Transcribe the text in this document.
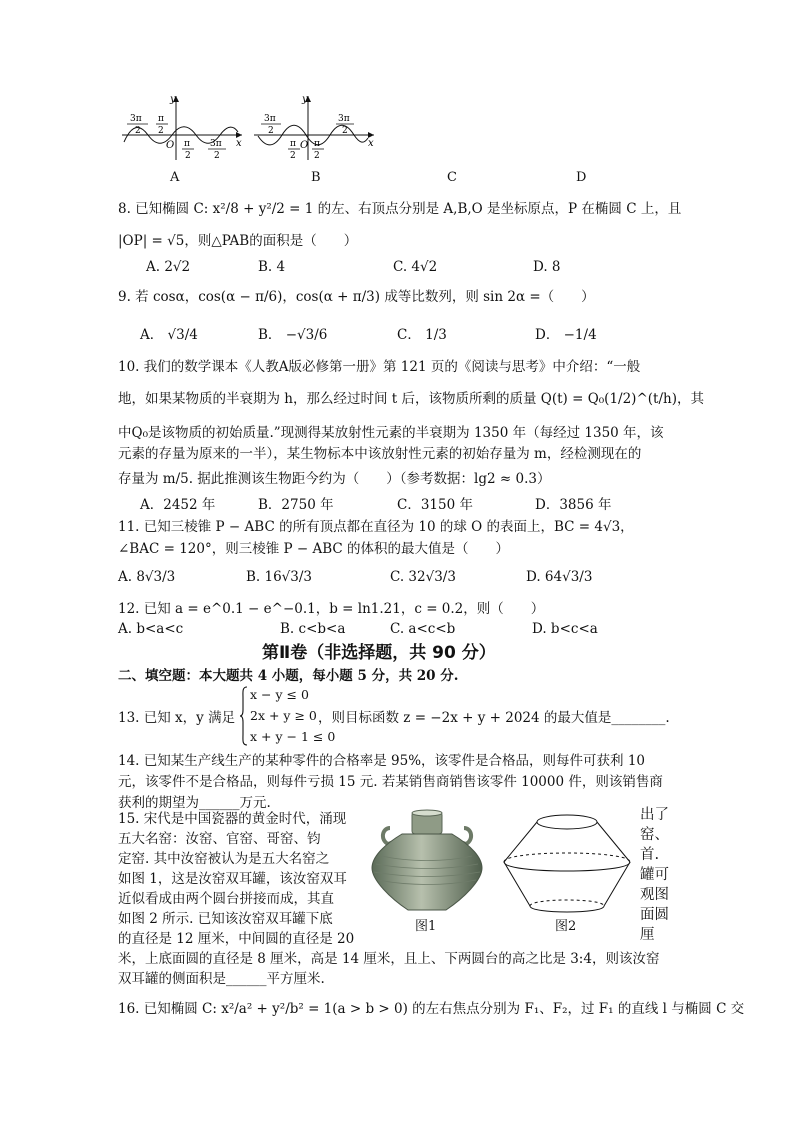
y
x
O
3π
2
π
2
π
2
3π
2
y
x
O
3π
2
3π
2
π
2
π
2
A	B	C	D
8. 已知椭圆 C: x²/8 + y²/2 = 1 的左、右顶点分别是 A,B,O 是坐标原点，P 在椭圆 C 上，且
|OP| = √5，则△PAB的面积是（　　）
A. 2√2	B. 4	C. 4√2	D. 8
9. 若 cosα，cos(α − π/6)，cos(α + π/3) 成等比数列，则 sin 2α =（　　）
A． √3/4	B． −√3/6	C． 1/3	D． −1/4
10. 我们的数学课本《人教A版必修第一册》第 121 页的《阅读与思考》中介绍：“一般
地，如果某物质的半衰期为 h，那么经过时间 t 后，该物质所剩的质量 Q(t) = Q₀(1/2)^(t/h)，其
中Q₀是该物质的初始质量.”现测得某放射性元素的半衰期为 1350 年（每经过 1350 年，该
元素的存量为原来的一半），某生物标本中该放射性元素的初始存量为 m，经检测现在的
存量为 m/5. 据此推测该生物距今约为（　　）（参考数据：lg2 ≈ 0.3）
A．2452 年	B．2750 年	C．3150 年	D．3856 年
11. 已知三棱锥 P − ABC 的所有顶点都在直径为 10 的球 O 的表面上，BC = 4√3，
∠BAC = 120°，则三棱锥 P − ABC 的体积的最大值是（　　）
A. 8√3/3	B. 16√3/3	C. 32√3/3	D. 64√3/3
12. 已知 a = e^0.1 − e^−0.1，b = ln1.21，c = 0.2，则（　　）
A. b<a<c	B. c<b<a	C. a<c<b	D. b<c<a
第Ⅱ卷（非选择题，共 90 分）
二、填空题：本大题共 4 小题，每小题 5 分，共 20 分.
13. 已知 x，y 满足
x − y ≤ 0
2x + y ≥ 0
x + y − 1 ≤ 0
，则目标函数 z = −2x + y + 2024 的最大值是________.
14. 已知某生产线生产的某种零件的合格率是 95%，该零件是合格品，则每件可获利 10
元，该零件不是合格品，则每件亏损 15 元. 若某销售商销售该零件 10000 件，则该销售商
获利的期望为______万元.
15. 宋代是中国瓷器的黄金时代，涌现
五大名窑：汝窑、官窑、哥窑、钧
定窑. 其中汝窑被认为是五大名窑之
如图 1，这是汝窑双耳罐，该汝窑双耳
近似看成由两个圆台拼接而成，其直
如图 2 所示. 已知该汝窑双耳罐下底
的直径是 12 厘米，中间圆的直径是 20
出了
窑、
首.
罐可
观图
面圆
厘
图1	图2
米，上底面圆的直径是 8 厘米，高是 14 厘米，且上、下两圆台的高之比是 3:4，则该汝窑
双耳罐的侧面积是______平方厘米.
16. 已知椭圆 C: x²/a² + y²/b² = 1(a > b > 0) 的左右焦点分别为 F₁、F₂，过 F₁ 的直线 l 与椭圆 C 交
